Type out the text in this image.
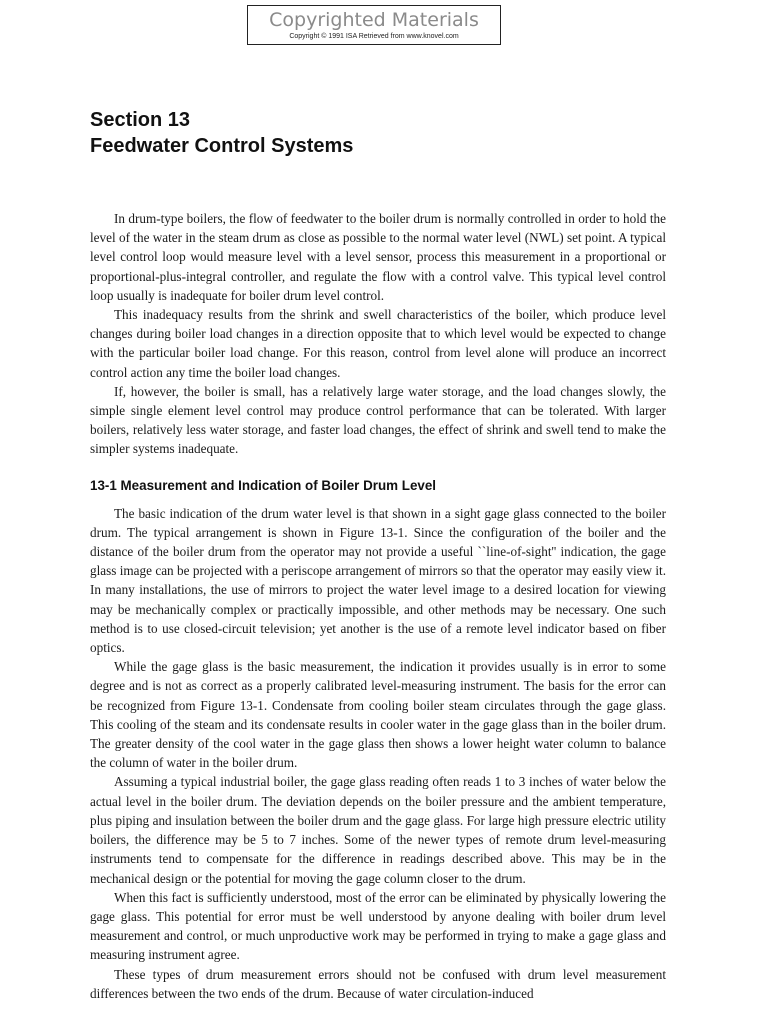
Copyrighted Materials
Copyright © 1991 ISA Retrieved from www.knovel.com
Section 13
Feedwater Control Systems

In drum-type boilers, the flow of feedwater to the boiler drum is normally controlled in order to hold the level of the water in the steam drum as close as possible to the normal water level (NWL) set point. A typical level control loop would measure level with a level sensor, process this measurement in a proportional or proportional-plus-integral controller, and regulate the flow with a control valve. This typical level control loop usually is inadequate for boiler drum level control.

This inadequacy results from the shrink and swell characteristics of the boiler, which produce level changes during boiler load changes in a direction opposite that to which level would be expected to change with the particular boiler load change. For this reason, control from level alone will produce an incorrect control action any time the boiler load changes.

If, however, the boiler is small, has a relatively large water storage, and the load changes slowly, the simple single element level control may produce control performance that can be tolerated. With larger boilers, relatively less water storage, and faster load changes, the effect of shrink and swell tend to make the simpler systems inadequate.

13-1 Measurement and Indication of Boiler Drum Level

The basic indication of the drum water level is that shown in a sight gage glass connected to the boiler drum. The typical arrangement is shown in Figure 13-1. Since the configuration of the boiler and the distance of the boiler drum from the operator may not provide a useful ``line-of-sight'' indication, the gage glass image can be projected with a periscope arrangement of mirrors so that the operator may easily view it. In many installations, the use of mirrors to project the water level image to a desired location for viewing may be mechanically complex or practically impossible, and other methods may be necessary. One such method is to use closed-circuit television; yet another is the use of a remote level indicator based on fiber optics.

While the gage glass is the basic measurement, the indication it provides usually is in error to some degree and is not as correct as a properly calibrated level-measuring instrument. The basis for the error can be recognized from Figure 13-1. Condensate from cooling boiler steam circulates through the gage glass. This cooling of the steam and its condensate results in cooler water in the gage glass than in the boiler drum. The greater density of the cool water in the gage glass then shows a lower height water column to balance the column of water in the boiler drum.

Assuming a typical industrial boiler, the gage glass reading often reads 1 to 3 inches of water below the actual level in the boiler drum. The deviation depends on the boiler pressure and the ambient temperature, plus piping and insulation between the boiler drum and the gage glass. For large high pressure electric utility boilers, the difference may be 5 to 7 inches. Some of the newer types of remote drum level-measuring instruments tend to compensate for the difference in readings described above. This may be in the mechanical design or the potential for moving the gage column closer to the drum.

When this fact is sufficiently understood, most of the error can be eliminated by physically lowering the gage glass. This potential for error must be well understood by anyone dealing with boiler drum level measurement and control, or much unproductive work may be performed in trying to make a gage glass and measuring instrument agree.

These types of drum measurement errors should not be confused with drum level measurement differences between the two ends of the drum. Because of water circulation-induced
